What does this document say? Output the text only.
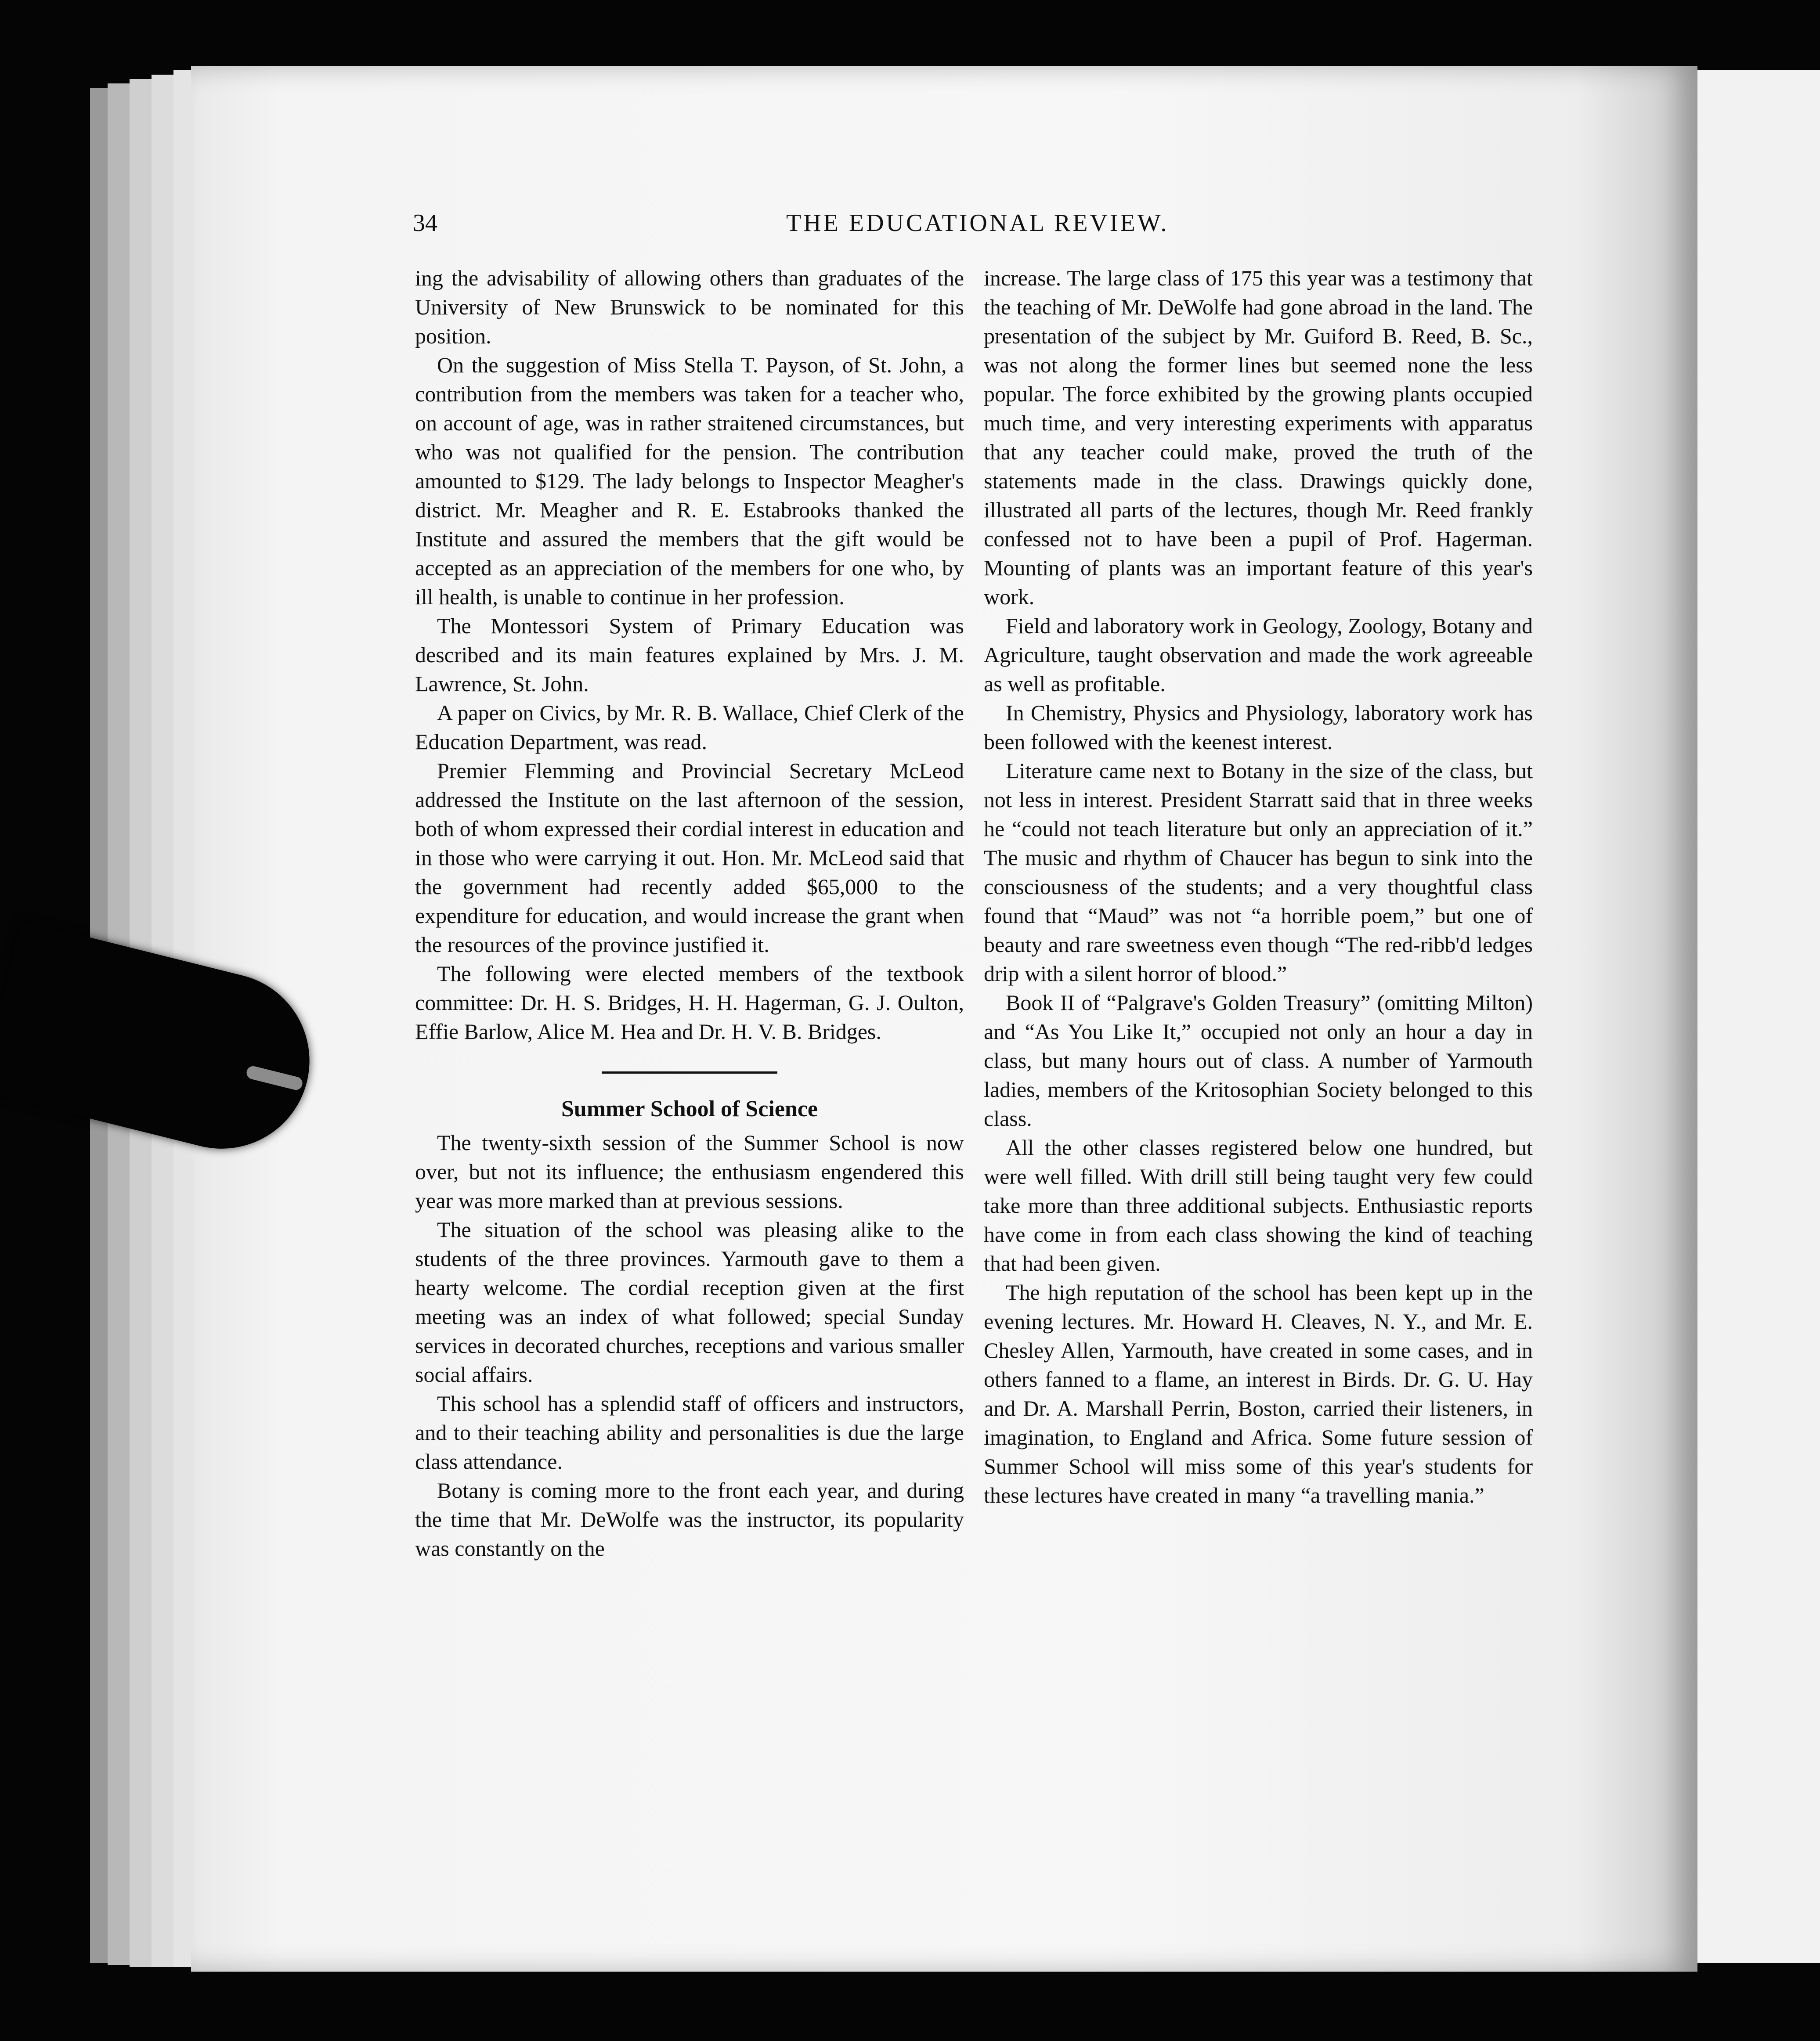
34	THE EDUCATIONAL REVIEW.

ing the advisability of allowing others than graduates of the University of New Brunswick to be nominated for this position.

On the suggestion of Miss Stella T. Payson, of St. John, a contribution from the members was taken for a teacher who, on account of age, was in rather straitened circumstances, but who was not qualified for the pension. The contribution amounted to $129. The lady belongs to Inspector Meagher's district. Mr. Meagher and R. E. Estabrooks thanked the Institute and assured the members that the gift would be accepted as an appreciation of the members for one who, by ill health, is unable to continue in her profession.

The Montessori System of Primary Education was described and its main features explained by Mrs. J. M. Lawrence, St. John.

A paper on Civics, by Mr. R. B. Wallace, Chief Clerk of the Education Department, was read.

Premier Flemming and Provincial Secretary McLeod addressed the Institute on the last afternoon of the session, both of whom expressed their cordial interest in education and in those who were carrying it out. Hon. Mr. McLeod said that the government had recently added $65,000 to the expenditure for education, and would increase the grant when the resources of the province justified it.

The following were elected members of the textbook committee: Dr. H. S. Bridges, H. H. Hagerman, G. J. Oulton, Effie Barlow, Alice M. Hea and Dr. H. V. B. Bridges.

Summer School of Science

The twenty-sixth session of the Summer School is now over, but not its influence; the enthusiasm engendered this year was more marked than at previous sessions.

The situation of the school was pleasing alike to the students of the three provinces. Yarmouth gave to them a hearty welcome. The cordial reception given at the first meeting was an index of what followed; special Sunday services in decorated churches, receptions and various smaller social affairs.

This school has a splendid staff of officers and instructors, and to their teaching ability and personalities is due the large class attendance.

Botany is coming more to the front each year, and during the time that Mr. DeWolfe was the instructor, its popularity was constantly on the

increase. The large class of 175 this year was a testimony that the teaching of Mr. DeWolfe had gone abroad in the land. The presentation of the subject by Mr. Guiford B. Reed, B. Sc., was not along the former lines but seemed none the less popular. The force exhibited by the growing plants occupied much time, and very interesting experiments with apparatus that any teacher could make, proved the truth of the statements made in the class. Drawings quickly done, illustrated all parts of the lectures, though Mr. Reed frankly confessed not to have been a pupil of Prof. Hagerman. Mounting of plants was an important feature of this year's work.

Field and laboratory work in Geology, Zoology, Botany and Agriculture, taught observation and made the work agreeable as well as profitable.

In Chemistry, Physics and Physiology, laboratory work has been followed with the keenest interest.

Literature came next to Botany in the size of the class, but not less in interest. President Starratt said that in three weeks he “could not teach literature but only an appreciation of it.” The music and rhythm of Chaucer has begun to sink into the consciousness of the students; and a very thoughtful class found that “Maud” was not “a horrible poem,” but one of beauty and rare sweetness even though “The red-ribb'd ledges drip with a silent horror of blood.”

Book II of “Palgrave's Golden Treasury” (omitting Milton) and “As You Like It,” occupied not only an hour a day in class, but many hours out of class. A number of Yarmouth ladies, members of the Kritosophian Society belonged to this class.

All the other classes registered below one hundred, but were well filled. With drill still being taught very few could take more than three additional subjects. Enthusiastic reports have come in from each class showing the kind of teaching that had been given.

The high reputation of the school has been kept up in the evening lectures. Mr. Howard H. Cleaves, N. Y., and Mr. E. Chesley Allen, Yarmouth, have created in some cases, and in others fanned to a flame, an interest in Birds. Dr. G. U. Hay and Dr. A. Marshall Perrin, Boston, carried their listeners, in imagination, to England and Africa. Some future session of Summer School will miss some of this year's students for these lectures have created in many “a travelling mania.”
